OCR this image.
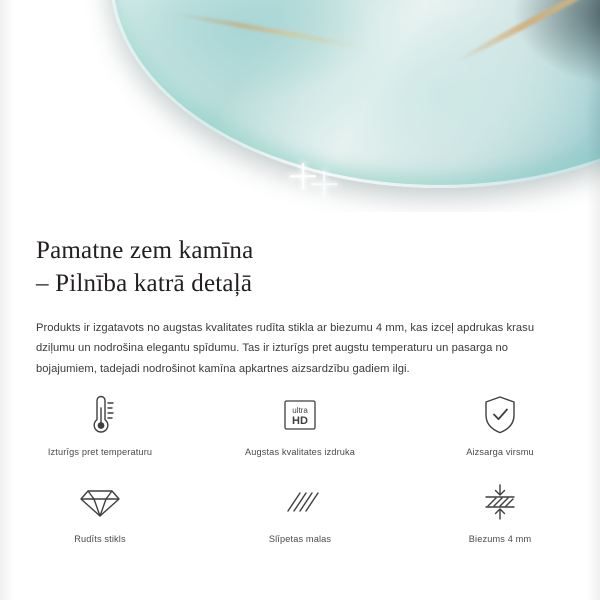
Pamatne zem kamīna
– Pilnība katrā detaļā

Produkts ir izgatavots no augstas kvalitates rudīta stikla ar biezumu 4 mm, kas izceļ apdrukas krasu dziļumu un nodrošina elegantu spīdumu. Tas ir izturīgs pret augstu temperaturu un pasarga no bojajumiem, tadejadi nodrošinot kamīna apkartnes aizsardzību gadiem ilgi.

Izturīgs pret temperaturu
ultra
HD
Augstas kvalitates izdruka	Aizsarga virsmu
Rudīts stikls	Slīpetas malas	Biezums 4 mm
